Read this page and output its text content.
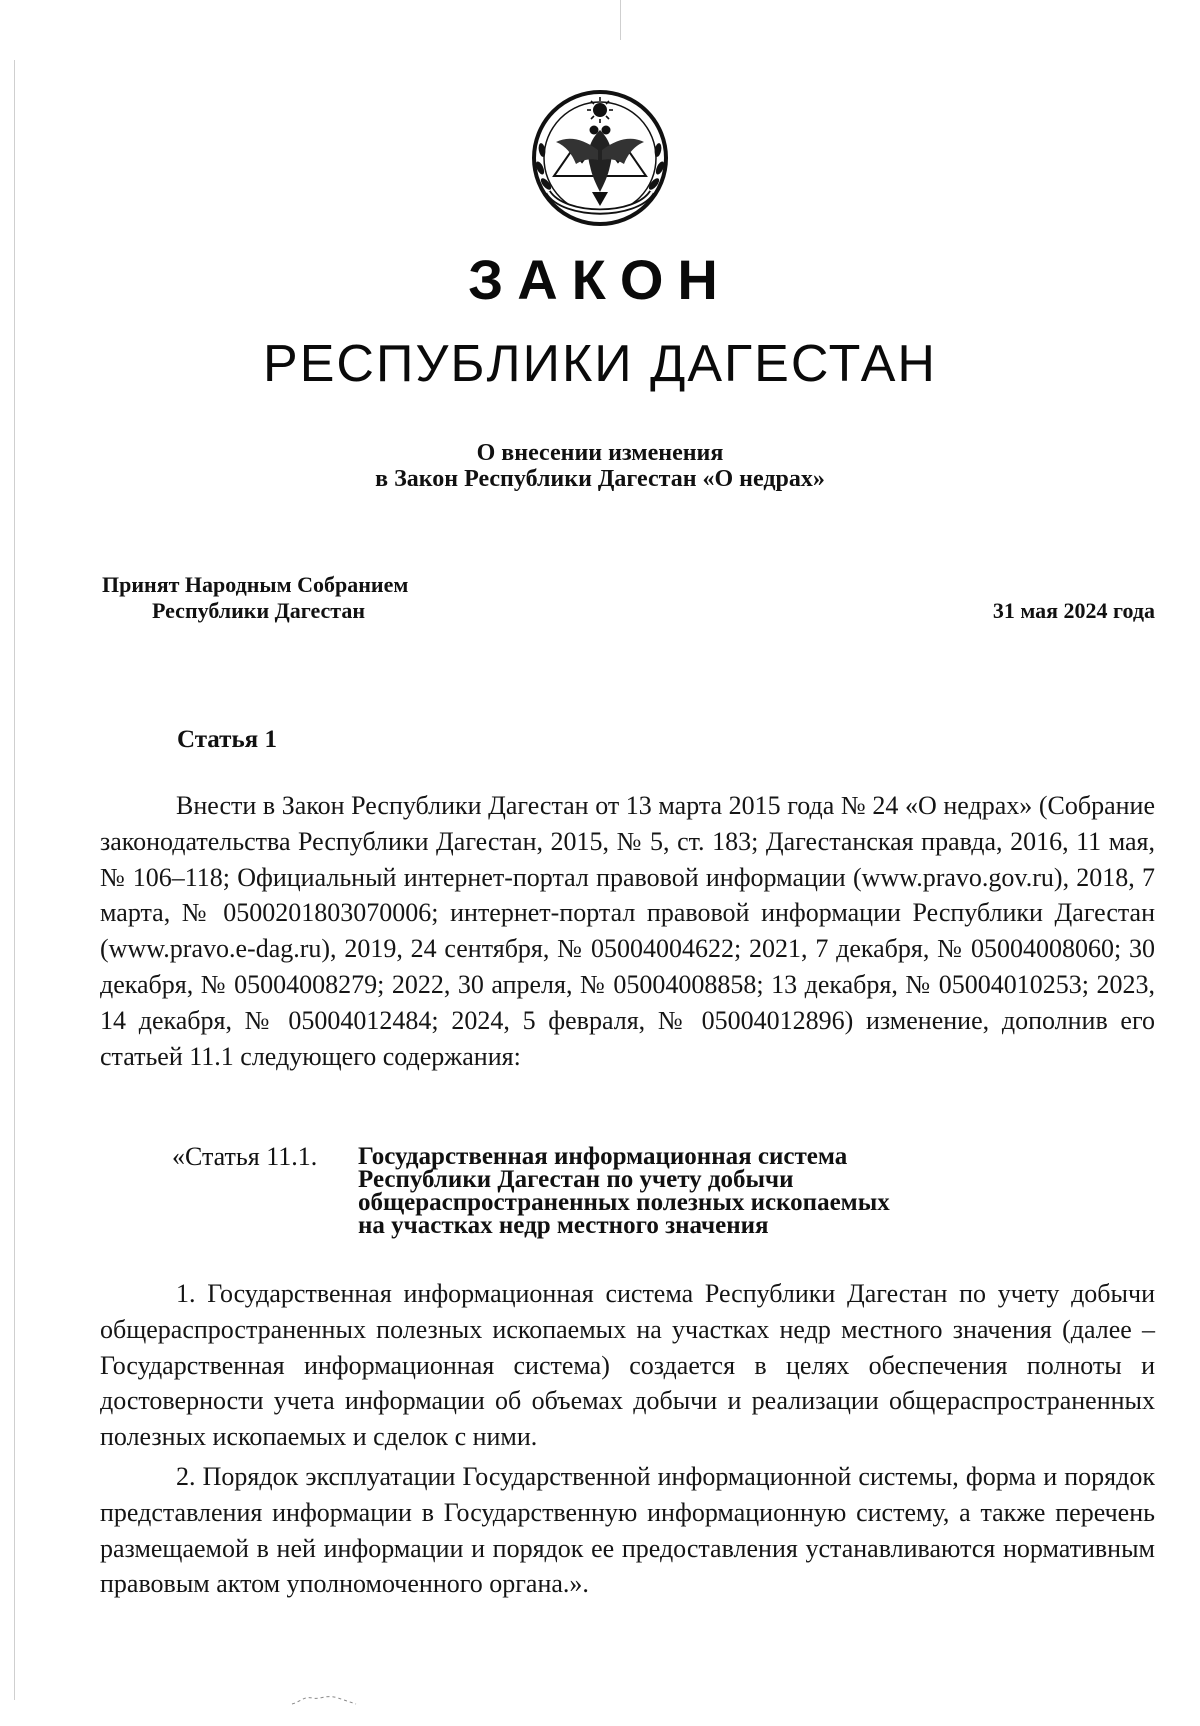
ЗАКОН
РЕСПУБЛИКИ ДАГЕСТАН
О внесении изменения
в Закон Республики Дагестан «О недрах»
Принят Народным Собранием
Республики Дагестан	31 мая 2024 года
Статья 1

Внести в Закон Республики Дагестан от 13 марта 2015 года № 24 «О недрах» (Собрание законодательства Республики Дагестан, 2015, № 5, ст. 183; Дагестанская правда, 2016, 11 мая, № 106–118; Официальный интернет-портал правовой информации (www.pravo.gov.ru), 2018, 7 марта, № 0500201803070006; интернет-портал правовой информации Республики Дагестан (www.pravo.e-dag.ru), 2019, 24 сентября, № 05004004622; 2021, 7 декабря, № 05004008060; 30 декабря, № 05004008279; 2022, 30 апреля, № 05004008858; 13 декабря, № 05004010253; 2023, 14 декабря, № 05004012484; 2024, 5 февраля, № 05004012896) изменение, дополнив его статьей 11.1 следующего содержания:

«Статья 11.1.	Государственная информационная система
Республики Дагестан по учету добычи
общераспространенных полезных ископаемых
на участках недр местного значения

1. Государственная информационная система Республики Дагестан по учету добычи общераспространенных полезных ископаемых на участках недр местного значения (далее – Государственная информационная система) создается в целях обеспечения полноты и достоверности учета информации об объемах добычи и реализации общераспространенных полезных ископаемых и сделок с ними.

2. Порядок эксплуатации Государственной информационной системы, форма и порядок представления информации в Государственную информационную систему, а также перечень размещаемой в ней информации и порядок ее предоставления устанавливаются нормативным правовым актом уполномоченного органа.».
